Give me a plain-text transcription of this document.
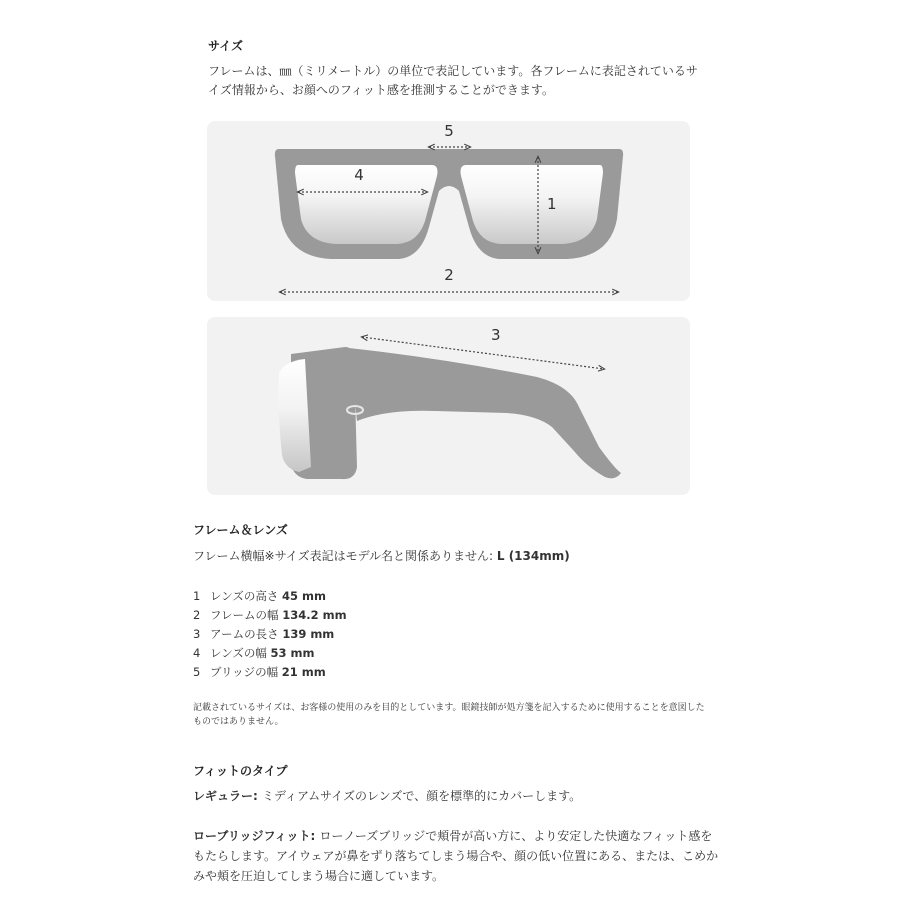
サイズ
フレームは、㎜（ミリメートル）の単位で表記しています。各フレームに表記されているサイズ情報から、お顔へのフィット感を推測することができます。
5
4
1
2
3
フレーム＆レンズ
フレーム横幅※サイズ表記はモデル名と関係ありません: L (134mm)
1 レンズの高さ 45 mm
2 フレームの幅 134.2 mm
3 アームの長さ 139 mm
4 レンズの幅 53 mm
5 ブリッジの幅 21 mm
記載されているサイズは、お客様の使用のみを目的としています。眼鏡技師が処方箋を記入するために使用することを意図したものではありません。
フィットのタイプ
レギュラー: ミディアムサイズのレンズで、顔を標準的にカバーします。
ローブリッジフィット: ローノーズブリッジで頬骨が高い方に、より安定した快適なフィット感をもたらします。アイウェアが鼻をずり落ちてしまう場合や、顔の低い位置にある、または、こめかみや頬を圧迫してしまう場合に適しています。
